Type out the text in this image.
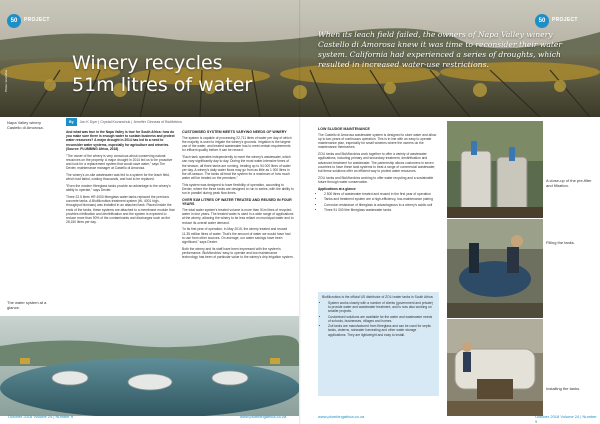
50	PROJECT	50	PROJECT
Photo: Grundfos
Winery recycles
51m litres of water

When its leach field failed, the owners of Napa Valley winery Castello di Amorosa knew it was time to reconsider their water system. California had experienced a series of droughts, which resulted in increased water-use restrictions.

By Jon K Dyer | Crystal Kovanchuk | Jennifer Cinneas of BioMetrics
Napa Valley winery Castello di Amorosa.
The water system at a glance.

And what was true in the Napa Valley is true for South Africa: how do you make sure there is enough water to sustain business and protect water resources? A major drought in 2014 has led to a need to reconsider water systems, especially for agriculture and wineries. (Source: PLUMBING Africa, 2018)

"The owner of the winery is very conscious about conserving natural resources on the property. A major drought in 2014 led us to be proactive and look for a replacement system that would save water," says Tim Dexter, maintenance manager at Castello di Amorosa.

The winery's on-site wastewater was fed to a system for the leach field, which had failed, costing thousands, and had to be replaced.

"Even the modern fibreglass tanks provide an advantage to the winery's ability to operate," says Dexter.

Three 22.5 litres HR 4000 fibreglass water tanks replaced the previous concrete tanks. A BioMicrobics treatment system (HL 4001 high-throughput biomass) was installed in an attached tank. Placed inside the ends of the tanks, these systems are attached to a membrane module that provides nitrification and denitrification and the system is expected to reduce more than 90% of the contaminants and discharges such as the 28,150 litres per day.

CUSTOMISED SYSTEM MEETS VARYING NEEDS OF WINERY

The system is capable of processing 22,711 litres of water per day of which the majority is used to irrigate the winery's grounds. Irrigation is the largest use of the water, and treated wastewater has to meet certain requirements for effluent quality before it can be reused.

"Each tank operates independently to meet the winery's wastewater, which can vary significantly day to day. During the most water-intensive times of the season, all three tanks are running, treating up to 94 000 litres of water per day. A winery's daily water flows may go from as little as 1 000 litres in the off-season. The tanks all treat the system for a maximum of how much water will be treated on the premises."

This system was designed to have flexibility of operation, according to Dexter, where the three tanks are designed to run in series, with the ability to run in parallel during peak flow times.

OVER 51M LITRES OF WATER TREATED AND REUSED IN FOUR YEARS

The total water system's treated volume is more than 51m litres of recycled water in four years. The treated water is used in a wide range of applications at the winery, allowing the winery to be less reliant on municipal water and to reduce its overall water demand.

"In its first year of operation, in May 2015, the winery treated and reused 11.35 million litres of water. That's the amount of water we would have had to use from other sources. On average, our water savings have been significant," says Dexter.

Both the winery and its staff have been impressed with the system's performance. BioMicrobics' easy to operate and low maintenance technology has been of particular value to the winery's drip irrigation system.

LOW SLUDGE MAINTENANCE

The Castello di Amorosa wastewater system is designed to store water and allow up to two years of continuous operation. This is in line with an easy to operate maintenance plan, especially for small wineries where the owners do the maintenance themselves.

ZOLI tanks and BioMicrobics work together to offer a variety of wastewater applications, including primary and secondary treatment, denitrification and advanced treatment for wastewater. The partnership allows customers in seven countries to have these tank systems to treat a range of commercial wastewater, but these solutions offer an efficient way to protect water resources.

ZOLI tanks and BioMicrobics working to offer water recycling and a sustainable future through water conservation.

Applications at a glance

• 2 500 litres of wastewater treated and reused in the first year of operation
• Tanks and treatment system are a high-efficiency, low-maintenance pairing
• Corrosion resistance of fibreglass is advantageous to a winery's acidic soil
• Three 51 000 litre fibreglass wastewater tanks

BioMicrobics is the official US distributor of ZOLI water tanks in South Africa:

• System works closely with a number of clients (government and private) to provide water and wastewater treatment, and is now also working on smaller projects.
• Customised solutions are available for the water and wastewater needs of schools, businesses, villages and homes.
• Zoli tanks are manufactured from fibreglass and can be used for septic tanks, cisterns, rainwater harvesting and other water storage applications. They are lightweight and easy to install.
A close-up of the pre-filter and filtration.
Filling the tanks.
Installing the tanks.
October 2018 Volume 24 | Number 9	www.plumbingafrica.co.za	www.plumbingafrica.co.za	October 2018 Volume 24 | Number 9
